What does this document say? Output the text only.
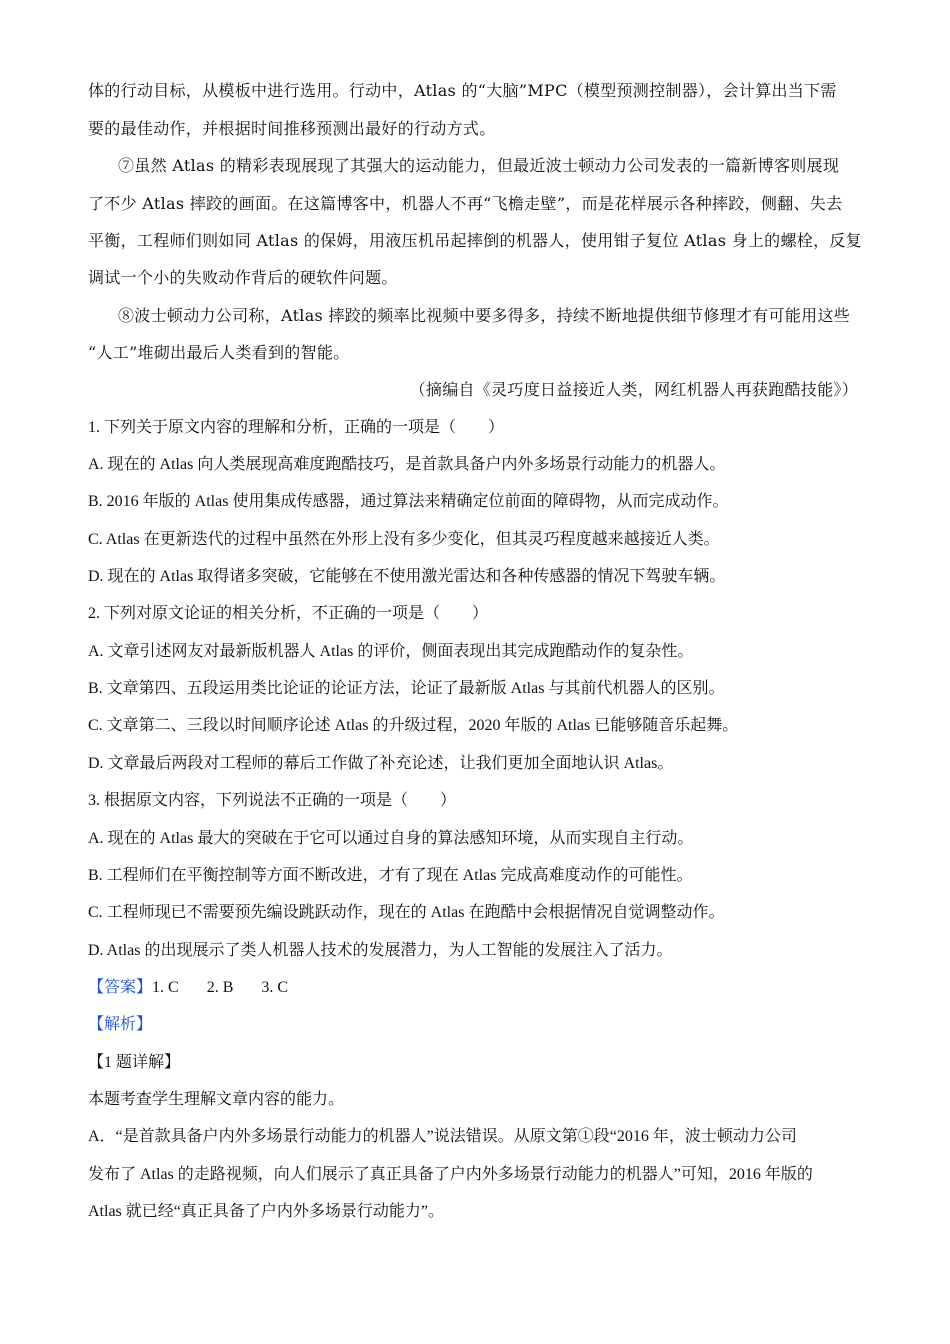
体的行动目标，从模板中进行选用。行动中，Atlas 的“大脑”MPC（模型预测控制器），会计算出当下需
要的最佳动作，并根据时间推移预测出最好的行动方式。
⑦虽然 Atlas 的精彩表现展现了其强大的运动能力，但最近波士顿动力公司发表的一篇新博客则展现
了不少 Atlas 摔跤的画面。在这篇博客中，机器人不再“飞檐走壁”，而是花样展示各种摔跤，侧翻、失去
平衡，工程师们则如同 Atlas 的保姆，用液压机吊起摔倒的机器人，使用钳子复位 Atlas 身上的螺栓，反复
调试一个小的失败动作背后的硬软件问题。
⑧波士顿动力公司称，Atlas 摔跤的频率比视频中要多得多，持续不断地提供细节修理才有可能用这些
“人工”堆砌出最后人类看到的智能。
（摘编自《灵巧度日益接近人类，网红机器人再获跑酷技能》）
1. 下列关于原文内容的理解和分析，正确的一项是（　　）
A. 现在的 Atlas 向人类展现高难度跑酷技巧，是首款具备户内外多场景行动能力的机器人。
B. 2016 年版的 Atlas 使用集成传感器，通过算法来精确定位前面的障碍物，从而完成动作。
C. Atlas 在更新迭代的过程中虽然在外形上没有多少变化，但其灵巧程度越来越接近人类。
D. 现在的 Atlas 取得诸多突破，它能够在不使用激光雷达和各种传感器的情况下驾驶车辆。
2. 下列对原文论证的相关分析，不正确的一项是（　　）
A. 文章引述网友对最新版机器人 Atlas 的评价，侧面表现出其完成跑酷动作的复杂性。
B. 文章第四、五段运用类比论证的论证方法，论证了最新版 Atlas 与其前代机器人的区别。
C. 文章第二、三段以时间顺序论述 Atlas 的升级过程，2020 年版的 Atlas 已能够随音乐起舞。
D. 文章最后两段对工程师的幕后工作做了补充论述，让我们更加全面地认识 Atlas。
3. 根据原文内容，下列说法不正确的一项是（　　）
A. 现在的 Atlas 最大的突破在于它可以通过自身的算法感知环境，从而实现自主行动。
B. 工程师们在平衡控制等方面不断改进，才有了现在 Atlas 完成高难度动作的可能性。
C. 工程师现已不需要预先编设跳跃动作，现在的 Atlas 在跑酷中会根据情况自觉调整动作。
D. Atlas 的出现展示了类人机器人技术的发展潜力，为人工智能的发展注入了活力。
【答案】1. C 2. B 3. C
【解析】
【1 题详解】
本题考查学生理解文章内容的能力。
A．“是首款具备户内外多场景行动能力的机器人”说法错误。从原文第①段“2016 年，波士顿动力公司
发布了 Atlas 的走路视频，向人们展示了真正具备了户内外多场景行动能力的机器人”可知，2016 年版的
Atlas 就已经“真正具备了户内外多场景行动能力”。
